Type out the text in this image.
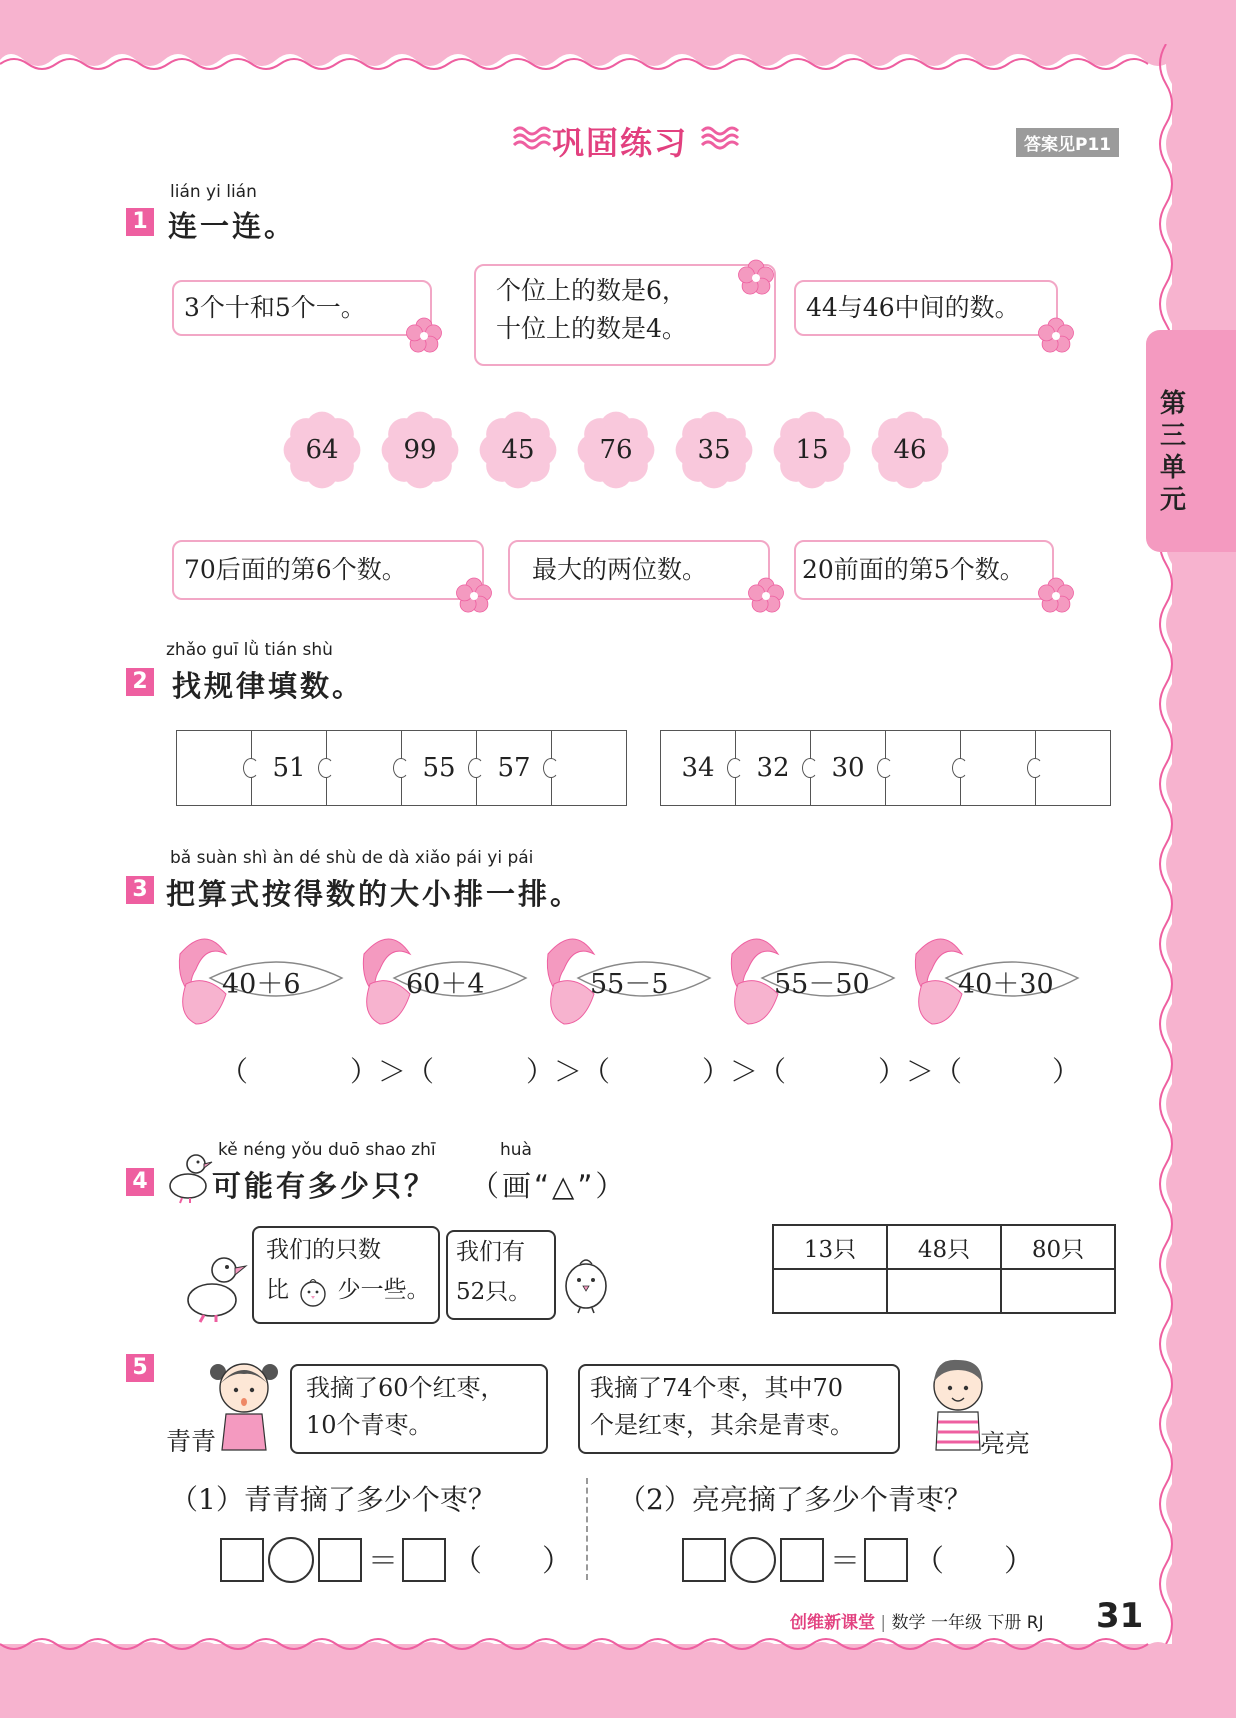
巩固练习	答案见P11
第三单元
lián yi lián
1 连一连。
3个十和5个一。
个位上的数是6，
十位上的数是4。
44与46中间的数。
70后面的第6个数。	最大的两位数。	20前面的第5个数。
64	99	45	76	35	15	46
zhǎo guī lǜ tián shù
2 找规律填数。
51	55	57	34	32	30
bǎ suàn shì àn dé shù de dà xiǎo pái yi pái
3 把算式按得数的大小排一排。
40＋6	60＋4	55－5	55－50	40＋30
（	）＞（	）＞（	）＞（	）＞（	）
kě néng yǒu duō shao zhī	huà
4 可能有多少只？ （画“△”）
我们的只数
比 少一些。
我们有
52只。
13只	48只	80只

5
青青
我摘了60个红枣，
10个青枣。
我摘了74个枣，其中70
个是红枣，其余是青枣。
亮亮
（1）青青摘了多少个枣？	（2）亮亮摘了多少个青枣？
＝ （ ）	＝ （ ）
创维新课堂 | 数学 一年级 下册 RJ 31
